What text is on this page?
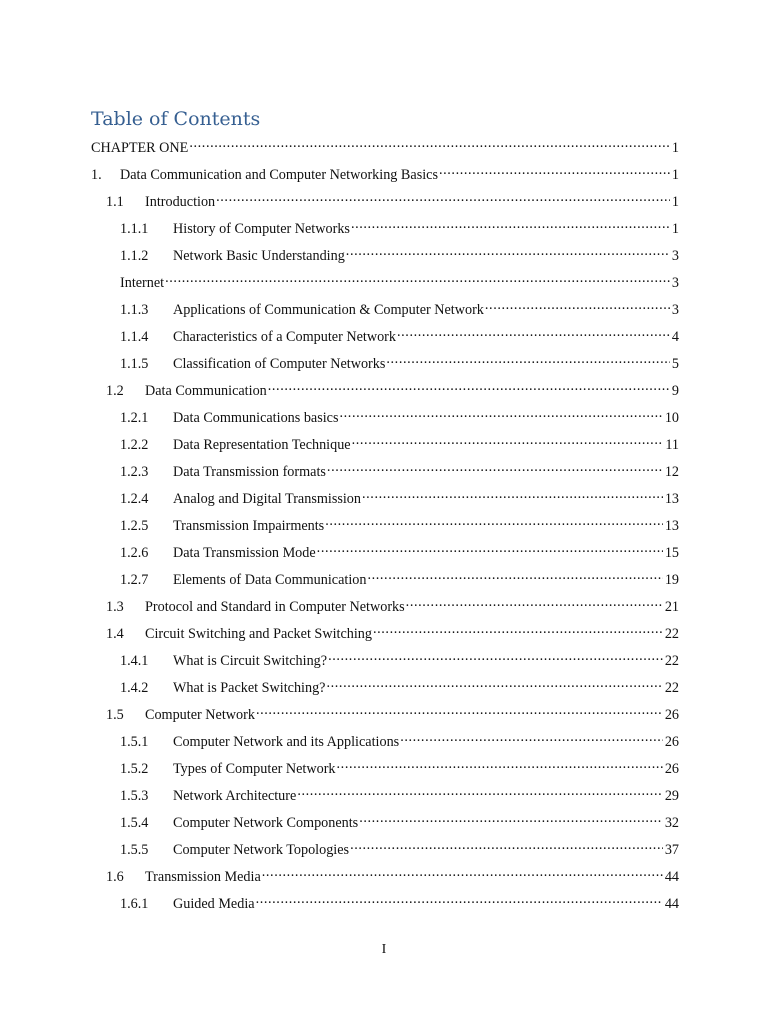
Table of Contents
CHAPTER ONE .....	1
1.	Data Communication and Computer Networking Basics .....	1
1.1	Introduction .....	1
1.1.1	History of Computer Networks .....	1
1.1.2	Network Basic Understanding .....	3
Internet .....	3
1.1.3	Applications of Communication & Computer Network .....	3
1.1.4	Characteristics of a Computer Network .....	4
1.1.5	Classification of Computer Networks .....	5
1.2	Data Communication .....	9
1.2.1	Data Communications basics .....	10
1.2.2	Data Representation Technique .....	11
1.2.3	Data Transmission formats .....	12
1.2.4	Analog and Digital Transmission .....	13
1.2.5	Transmission Impairments .....	13
1.2.6	Data Transmission Mode .....	15
1.2.7	Elements of Data Communication .....	19
1.3	Protocol and Standard in Computer Networks .....	21
1.4	Circuit Switching and Packet Switching .....	22
1.4.1	What is Circuit Switching? .....	22
1.4.2	What is Packet Switching? .....	22
1.5	Computer Network .....	26
1.5.1	Computer Network and its Applications .....	26
1.5.2	Types of Computer Network .....	26
1.5.3	Network Architecture .....	29
1.5.4	Computer Network Components .....	32
1.5.5	Computer Network Topologies .....	37
1.6	Transmission Media .....	44
1.6.1	Guided Media .....	44
I
